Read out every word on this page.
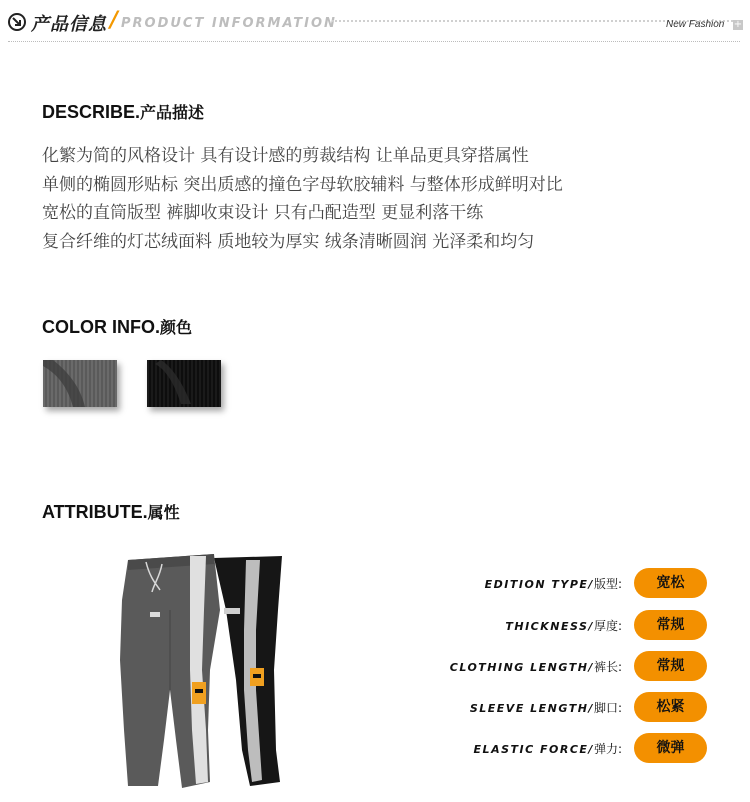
产品信息 / PRODUCT INFORMATION	New Fashion +
DESCRIBE.产品描述
化繁为简的风格设计 具有设计感的剪裁结构 让单品更具穿搭属性
单侧的椭圆形贴标 突出质感的撞色字母软胶辅料 与整体形成鲜明对比
宽松的直筒版型 裤脚收束设计 只有凸配造型 更显利落干练
复合纤维的灯芯绒面料 质地较为厚实 绒条清晰圆润 光泽柔和均匀
COLOR INFO.颜色
ATTRIBUTE.属性
EDITION TYPE/版型:	宽松
THICKNESS/厚度:	常规
CLOTHING LENGTH/裤长:	常规
SLEEVE LENGTH/脚口:	松紧
ELASTIC FORCE/弹力:	微弹
